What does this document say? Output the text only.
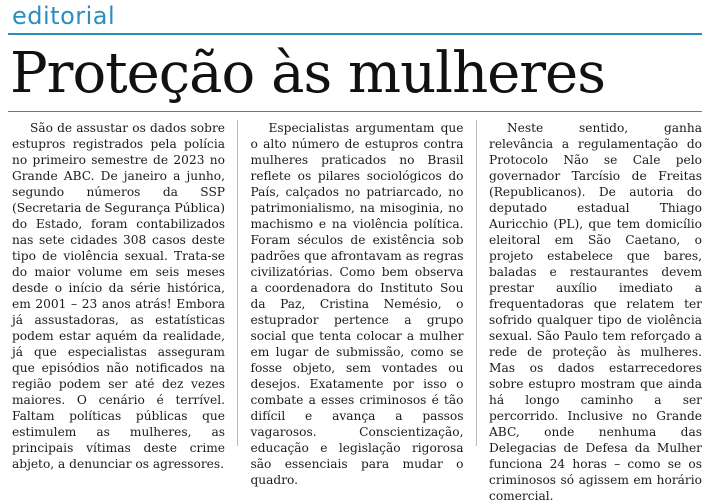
editorial
Proteção às mulheres

São de assustar os dados sobre estupros registrados pela polícia no primeiro semestre de 2023 no Grande ABC. De janeiro a junho, segundo números da SSP (Secretaria de Segurança Pública) do Estado, foram contabilizados nas sete cidades 308 casos deste tipo de violência sexual. Trata-se do maior volume em seis meses desde o início da série histórica, em 2001 – 23 anos atrás! Embora já assustadoras, as estatísticas podem estar aquém da realidade, já que especialistas asseguram que episódios não notificados na região podem ser até dez vezes maiores. O cenário é terrível. Faltam políticas públicas que estimulem as mulheres, as principais vítimas deste crime abjeto, a denunciar os agressores.

Especialistas argumentam que o alto número de estupros contra mulheres praticados no Brasil reflete os pilares sociológicos do País, calçados no patriarcado, no patrimonialismo, na misoginia, no machismo e na violência política. Foram séculos de existência sob padrões que afrontavam as regras civilizatórias. Como bem observa a coordenadora do Instituto Sou da Paz, Cristina Nemésio, o estuprador pertence a grupo social que tenta colocar a mulher em lugar de submissão, como se fosse objeto, sem vontades ou desejos. Exatamente por isso o combate a esses criminosos é tão difícil e avança a passos vagarosos. Conscientização, educação e legislação rigorosa são essenciais para mudar o quadro.

Neste sentido, ganha relevância a regulamentação do Protocolo Não se Cale pelo governador Tarcísio de Freitas (Republicanos). De autoria do deputado estadual Thiago Auricchio (PL), que tem domicílio eleitoral em São Caetano, o projeto estabelece que bares, baladas e restaurantes devem prestar auxílio imediato a frequentadoras que relatem ter sofrido qualquer tipo de violência sexual. São Paulo tem reforçado a rede de proteção às mulheres. Mas os dados estarrecedores sobre estupro mostram que ainda há longo caminho a ser percorrido. Inclusive no Grande ABC, onde nenhuma das Delegacias de Defesa da Mulher funciona 24 horas – como se os criminosos só agissem em horário comercial.
